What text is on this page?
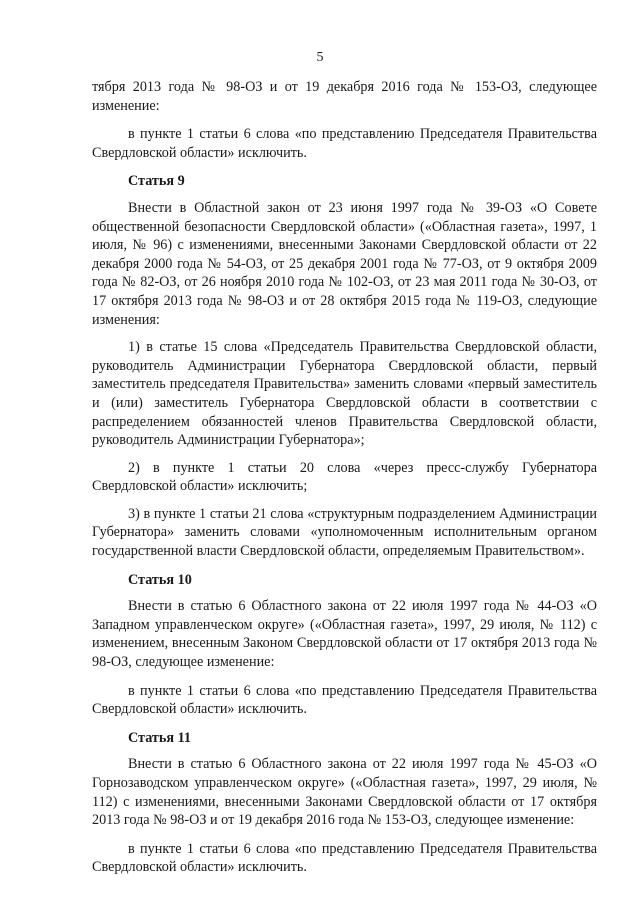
5

тября 2013 года № 98-ОЗ и от 19 декабря 2016 года № 153-ОЗ, следующее изменение:

в пункте 1 статьи 6 слова «по представлению Председателя Правительства Свердловской области» исключить.

Статья 9

Внести в Областной закон от 23 июня 1997 года № 39-ОЗ «О Совете общественной безопасности Свердловской области» («Областная газета», 1997, 1 июля, № 96) с изменениями, внесенными Законами Свердловской области от 22 декабря 2000 года № 54-ОЗ, от 25 декабря 2001 года № 77-ОЗ, от 9 октября 2009 года № 82-ОЗ, от 26 ноября 2010 года № 102-ОЗ, от 23 мая 2011 года № 30-ОЗ, от 17 октября 2013 года № 98-ОЗ и от 28 октября 2015 года № 119-ОЗ, следующие изменения:

1) в статье 15 слова «Председатель Правительства Свердловской области, руководитель Администрации Губернатора Свердловской области, первый заместитель председателя Правительства» заменить словами «первый заместитель и (или) заместитель Губернатора Свердловской области в соответствии с распределением обязанностей членов Правительства Свердловской области, руководитель Администрации Губернатора»;

2) в пункте 1 статьи 20 слова «через пресс-службу Губернатора Свердловской области» исключить;

3) в пункте 1 статьи 21 слова «структурным подразделением Администрации Губернатора» заменить словами «уполномоченным исполнительным органом государственной власти Свердловской области, определяемым Правительством».

Статья 10

Внести в статью 6 Областного закона от 22 июля 1997 года № 44-ОЗ «О Западном управленческом округе» («Областная газета», 1997, 29 июля, № 112) с изменением, внесенным Законом Свердловской области от 17 октября 2013 года № 98-ОЗ, следующее изменение:

в пункте 1 статьи 6 слова «по представлению Председателя Правительства Свердловской области» исключить.

Статья 11

Внести в статью 6 Областного закона от 22 июля 1997 года № 45-ОЗ «О Горнозаводском управленческом округе» («Областная газета», 1997, 29 июля, № 112) с изменениями, внесенными Законами Свердловской области от 17 октября 2013 года № 98-ОЗ и от 19 декабря 2016 года № 153-ОЗ, следующее изменение:

в пункте 1 статьи 6 слова «по представлению Председателя Правительства Свердловской области» исключить.
